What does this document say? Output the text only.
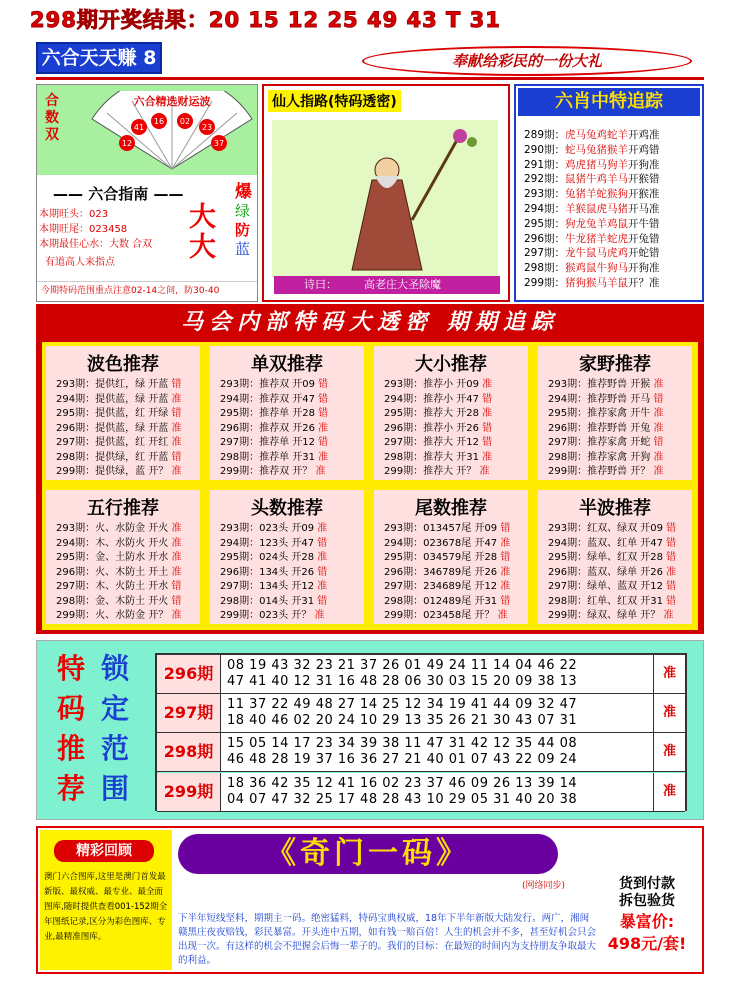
298期开奖结果：20 15 12 25 49 43 T 31
六合天天赚 8	奉献给彩民的一份大礼
合数双
六合精选财运波
41
16 02
23
12	37
—— 六合指南 ——
本期旺头：023
本期旺尾：023458
本期最佳心水：大数 合双
大大
爆
绿
防
蓝
有道高人来指点
今期特码范围重点注意02-14之间，防30-40
仙人指路(特码透密)
诗曰： 高老庄大圣除魔
六肖中特追踪
289期：虎马兔鸡蛇羊开鸡准
290期：蛇马兔猪猴羊开鸡错
291期：鸡虎猪马狗羊开狗准
292期：鼠猪牛鸡羊马开猴错
293期：兔猪羊蛇猴狗开猴准
294期：羊猴鼠虎马猪开马准
295期：狗龙兔羊鸡鼠开牛错
296期：牛龙猪羊蛇虎开兔错
297期：龙牛鼠马虎鸡开蛇错
298期：猴鸡鼠牛狗马开狗准
299期：猪狗猴马羊鼠开？准
马会内部特码大透密 期期追踪
波色推荐
293期：提供红，绿 开蓝 错
294期：提供蓝，绿 开蓝 准
295期：提供蓝，红 开绿 错
296期：提供蓝，绿 开蓝 准
297期：提供蓝，红 开红 准
298期：提供绿，红 开蓝 错
299期：提供绿，蓝 开？ 准
单双推荐
293期：推荐双 开09 错
294期：推荐双 开47 错
295期：推荐单 开28 错
296期：推荐双 开26 准
297期：推荐单 开12 错
298期：推荐单 开31 准
299期：推荐双 开？ 准
大小推荐
293期：推荐小 开09 准
294期：推荐小 开47 错
295期：推荐大 开28 准
296期：推荐小 开26 错
297期：推荐大 开12 错
298期：推荐大 开31 准
299期：推荐大 开？ 准
家野推荐
293期：推荐野兽 开猴 准
294期：推荐野兽 开马 错
295期：推荐家禽 开牛 准
296期：推荐野兽 开兔 准
297期：推荐家禽 开蛇 错
298期：推荐家禽 开狗 准
299期：推荐野兽 开？ 准
五行推荐
293期：火、水防金 开火 准
294期：木、水防火 开火 准
295期：金、土防水 开水 准
296期：火、木防土 开土 准
297期：木、火防土 开水 错
298期：金、木防土 开火 错
299期：火、水防金 开？ 准
头数推荐
293期：023头 开09 准
294期：123头 开47 错
295期：024头 开28 准
296期：134头 开26 错
297期：134头 开12 准
298期：014头 开31 错
299期：023头 开？ 准
尾数推荐
293期：013457尾 开09 错
294期：023678尾 开47 准
295期：034579尾 开28 错
296期：346789尾 开26 准
297期：234689尾 开12 准
298期：012489尾 开31 错
299期：023458尾 开？ 准
半波推荐
293期：红双、绿双 开09 错
294期：蓝双、红单 开47 错
295期：绿单、红双 开28 错
296期：蓝双、绿单 开26 准
297期：绿单、蓝双 开12 错
298期：红单、红双 开31 错
299期：绿双、绿单 开？ 准
特
码
推
荐
锁
定
范
围
296期	08 19 43 32 23 21 37 26 01 49 24 11 14 04 46 22
47 41 40 12 31 16 48 28 06 30 03 15 20 09 38 13
准
297期	11 37 22 49 48 27 14 25 12 34 19 41 44 09 32 47
18 40 46 02 20 24 10 29 13 35 26 21 30 43 07 31
准
298期	15 05 14 17 23 34 39 38 11 47 31 42 12 35 44 08
46 48 28 19 37 16 36 27 21 40 01 07 43 22 09 24
准
299期	18 36 42 35 12 41 16 02 23 37 46 09 26 13 39 14
04 07 47 32 25 17 48 28 43 10 29 05 31 40 20 38
准
精彩回顾
澳门六合图库,这里是澳门首发最新版、最权威、最专业、最全面图库,随时提供查看001-152期全年图纸记录,区分为彩色图库、专业,最精准图库。
《奇门一码》
(网络同步)
下半年短线坚料，期期主一码。绝密猛料，特码宝典权威，18年下半年新版大陆发行。两广，湘闽赣黑庄夜夜赔钱，彩民暴富。开头连中五期，如有钱一赔百倍！人生的机会并不多，甚至好机会只会出现一次。有这样的机会不把握会后悔一辈子的。我们的目标：在最短的时间内为支持朋友争取最大的利益。
货到付款
拆包验货
暴富价:
498元/套!
